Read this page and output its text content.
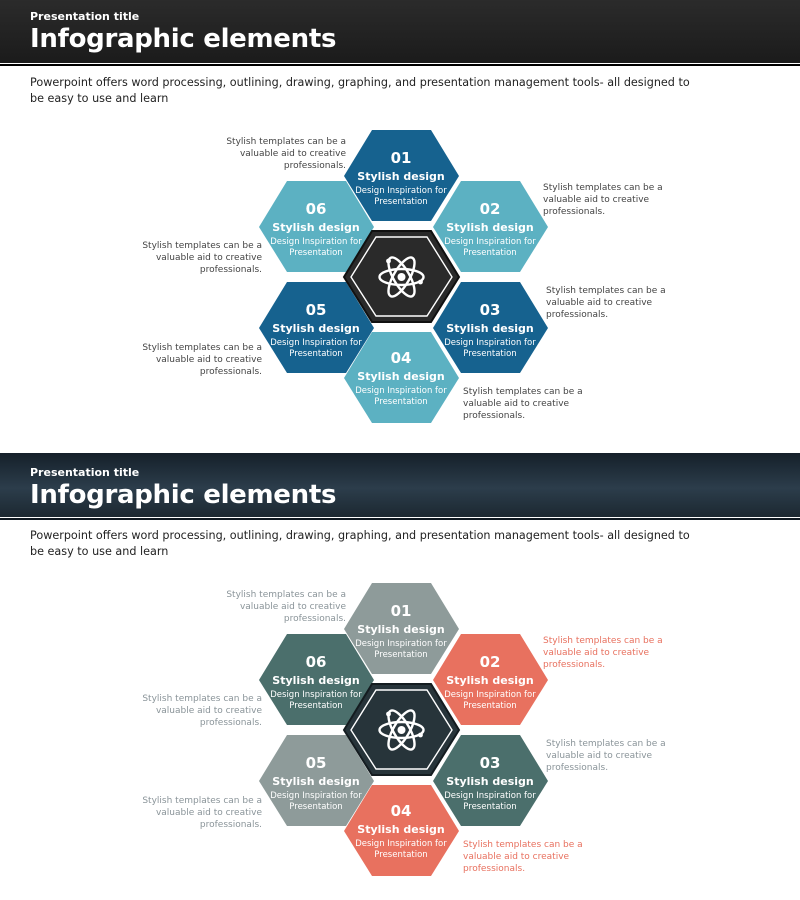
Presentation title
Infographic elements
Powerpoint offers word processing, outlining, drawing, graphing, and presentation management tools- all designed to be easy to use and learn
01
Stylish design
Design Inspiration for Presentation	02
Stylish design
Design Inspiration for Presentation
03
Stylish design
Design Inspiration for Presentation
04
Stylish design
Design Inspiration for Presentation
05
Stylish design
Design Inspiration for Presentation
06
Stylish design
Design Inspiration for Presentation
Stylish templates can be a valuable aid to creative professionals.
Stylish templates can be a valuable aid to creative professionals.
Stylish templates can be a valuable aid to creative professionals.
Stylish templates can be a valuable aid to creative professionals.
Stylish templates can be a valuable aid to creative professionals.
Stylish templates can be a valuable aid to creative professionals.
Presentation title
Infographic elements
Powerpoint offers word processing, outlining, drawing, graphing, and presentation management tools- all designed to be easy to use and learn
01
Stylish design
Design Inspiration for Presentation	02
Stylish design
Design Inspiration for Presentation
03
Stylish design
Design Inspiration for Presentation
04
Stylish design
Design Inspiration for Presentation
05
Stylish design
Design Inspiration for Presentation
06
Stylish design
Design Inspiration for Presentation
Stylish templates can be a valuable aid to creative professionals.
Stylish templates can be a valuable aid to creative professionals.
Stylish templates can be a valuable aid to creative professionals.
Stylish templates can be a valuable aid to creative professionals.
Stylish templates can be a valuable aid to creative professionals.
Stylish templates can be a valuable aid to creative professionals.
